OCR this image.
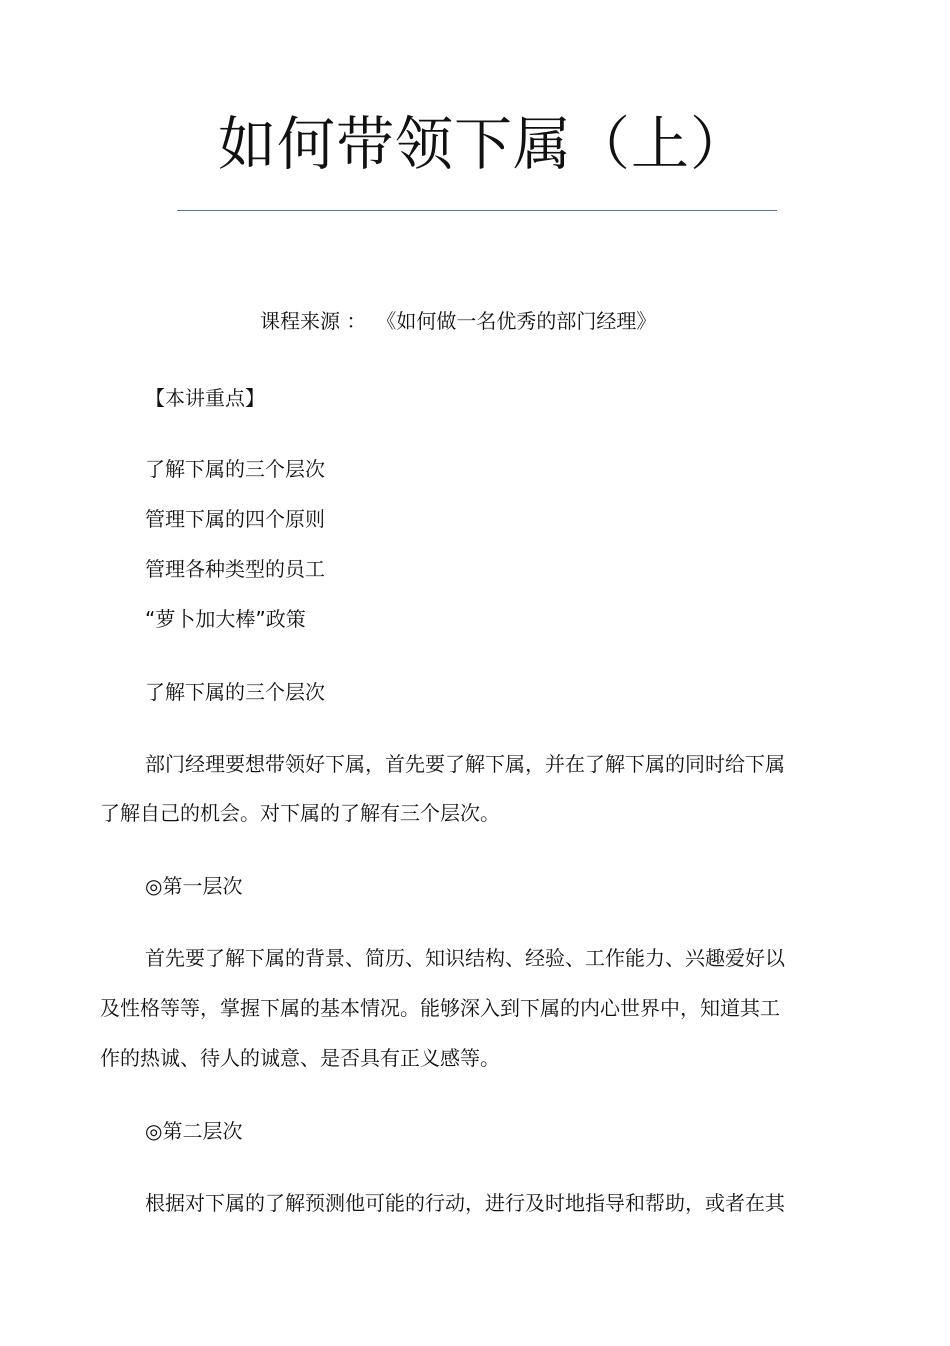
如何带领下属（上）
课程来源 ： 《如何做一名优秀的部门经理》
【本讲重点】
了解下属的三个层次
管理下属的四个原则
管理各种类型的员工
“萝卜加大棒”政策
了解下属的三个层次
部门经理要想带领好下属，首先要了解下属，并在了解下属的同时给下属
了解自己的机会。对下属的了解有三个层次。
◎第一层次
首先要了解下属的背景、简历、知识结构、经验、工作能力、兴趣爱好以
及性格等等，掌握下属的基本情况。能够深入到下属的内心世界中，知道其工
作的热诚、待人的诚意、是否具有正义感等。
◎第二层次
根据对下属的了解预测他可能的行动，进行及时地指导和帮助，或者在其
